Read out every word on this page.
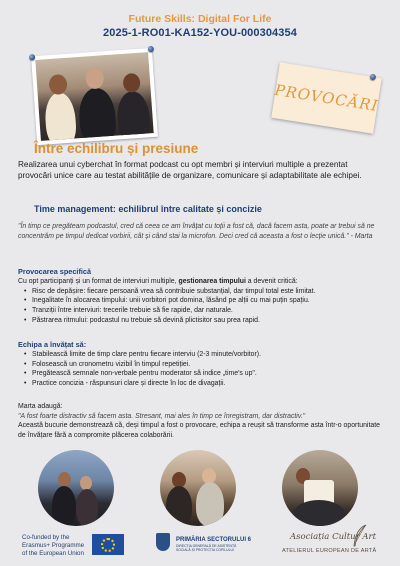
Future Skills: Digital For Life
2025-1-RO01-KA152-YOU-000304354
PROVOCĂRI
Între echilibru și presiune
Realizarea unui cyberchat în format podcast cu opt membri și interviuri multiple a prezentat provocări unice care au testat abilitățile de organizare, comunicare și adaptabilitate ale echipei.
Time management: echilibrul între calitate și concizie
"În timp ce pregăteam podcastul, cred că ceea ce am învățat cu toții a fost că, dacă facem asta, poate ar trebui să ne concentrăm pe timpul dedicat vorbirii, cât și când stai la microfon. Deci cred că aceasta a fost o lecție unică." - Marta
Provocarea specifică
Cu opt participanți și un format de interviuri multiple, gestionarea timpului a devenit critică:
• Risc de depășire: fiecare persoană vrea să contribuie substanțial, dar timpul total este limitat.
• Inegalitate în alocarea timpului: unii vorbitori pot domina, lăsând pe alții cu mai puțin spațiu.
• Tranziții între interviuri: trecerile trebuie să fie rapide, dar naturale.
• Păstrarea ritmului: podcastul nu trebuie să devină plictisitor sau prea rapid.
Echipa a învățat să:
• Stabilească limite de timp clare pentru fiecare interviu (2-3 minute/vorbitor).
• Folosească un cronometru vizibil în timpul repetiției.
• Pregătească semnale non-verbale pentru moderator să indice „time's up".
• Practice concizia - răspunsuri clare și directe în loc de divagații.
Marta adaugă:
"A fost foarte distractiv să facem asta. Stresant, mai ales în timp ce înregistram, dar distractiv."
Această bucurie demonstrează că, deși timpul a fost o provocare, echipa a reușit să transforme asta într-o oportunitate de învățare fără a compromite plăcerea colaborării.
Co-funded by the
Erasmus+ Programme
of the European Union
PRIMĂRIA SECTORULUI 6
DIRECȚIA GENERALĂ DE ASISTENȚĂ
SOCIALĂ ȘI PROTECȚIA COPILULUI
Asociația Cultur Art
ATELIERUL EUROPEAN DE ARTĂ
